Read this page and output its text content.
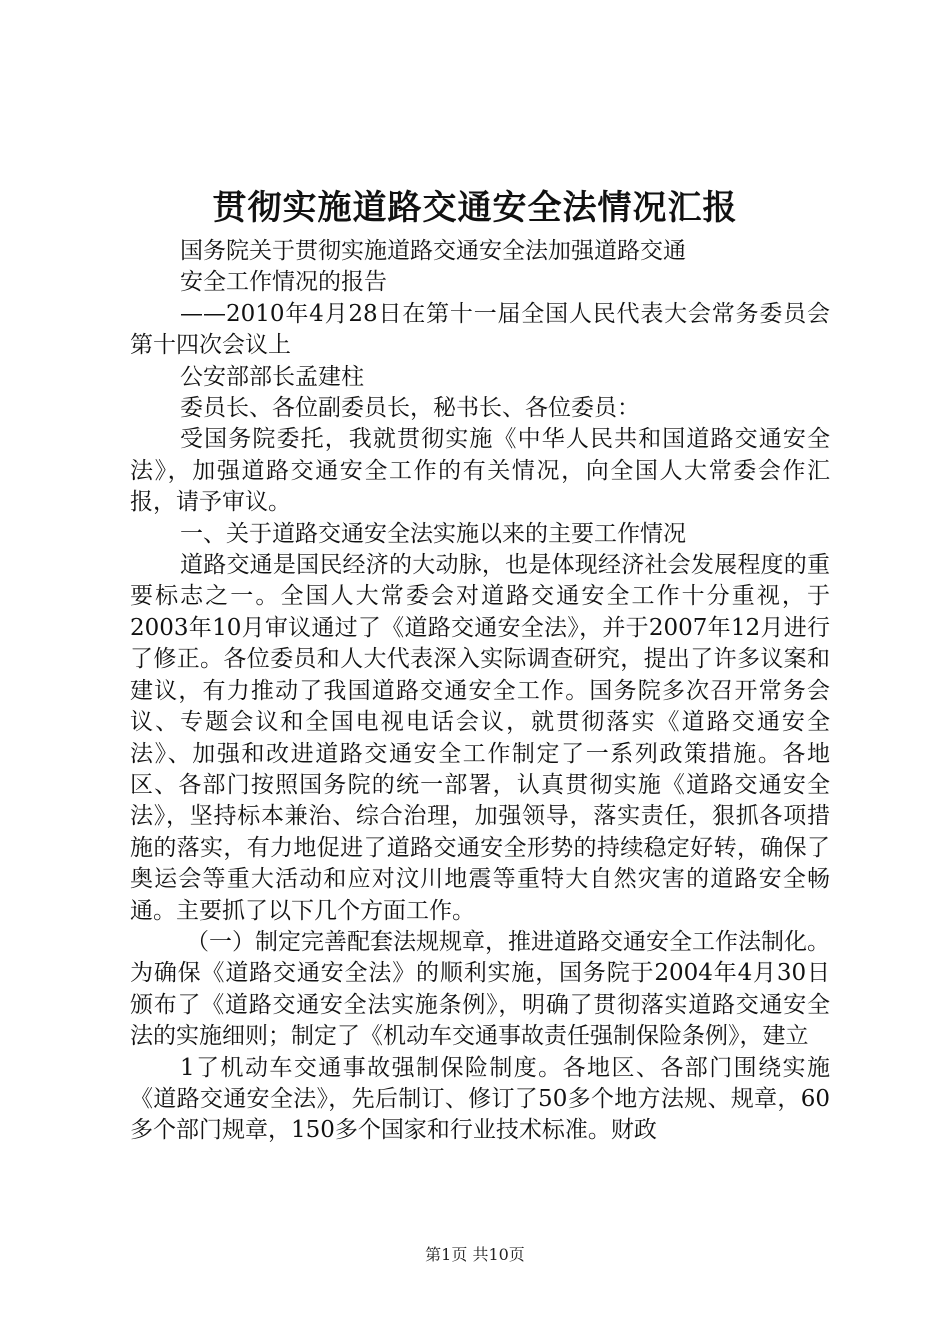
贯彻实施道路交通安全法情况汇报

国务院关于贯彻实施道路交通安全法加强道路交通

安全工作情况的报告

——2010年4月28日在第十一届全国人民代表大会常务委员会第十四次会议上

公安部部长孟建柱

委员长、各位副委员长，秘书长、各位委员：

受国务院委托，我就贯彻实施《中华人民共和国道路交通安全法》，加强道路交通安全工作的有关情况，向全国人大常委会作汇报，请予审议。

一、关于道路交通安全法实施以来的主要工作情况

道路交通是国民经济的大动脉，也是体现经济社会发展程度的重要标志之一。全国人大常委会对道路交通安全工作十分重视，于2003年10月审议通过了《道路交通安全法》，并于2007年12月进行了修正。各位委员和人大代表深入实际调查研究，提出了许多议案和建议，有力推动了我国道路交通安全工作。国务院多次召开常务会议、专题会议和全国电视电话会议，就贯彻落实《道路交通安全法》、加强和改进道路交通安全工作制定了一系列政策措施。各地区、各部门按照国务院的统一部署，认真贯彻实施《道路交通安全法》，坚持标本兼治、综合治理，加强领导，落实责任，狠抓各项措施的落实，有力地促进了道路交通安全形势的持续稳定好转，确保了奥运会等重大活动和应对汶川地震等重特大自然灾害的道路安全畅通。主要抓了以下几个方面工作。

（一）制定完善配套法规规章，推进道路交通安全工作法制化。为确保《道路交通安全法》的顺利实施，国务院于2004年4月30日颁布了《道路交通安全法实施条例》，明确了贯彻落实道路交通安全法的实施细则；制定了《机动车交通事故责任强制保险条例》，建立

1了机动车交通事故强制保险制度。各地区、各部门围绕实施《道路交通安全法》，先后制订、修订了50多个地方法规、规章，60多个部门规章，150多个国家和行业技术标准。财政

第1页 共10页
